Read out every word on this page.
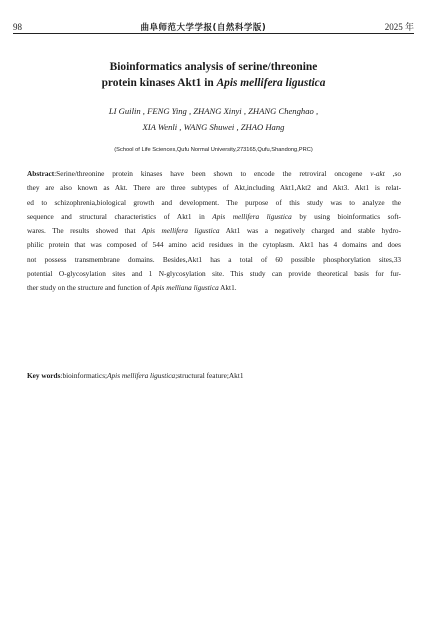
98	曲阜师范大学学报(自然科学版)	2025 年
Bioinformatics analysis of serine/threonine
protein kinases Akt1 in Apis mellifera ligustica
LI Guilin , FENG Ying , ZHANG Xinyi , ZHANG Chenghao ,
XIA Wenli , WANG Shuwei , ZHAO Hang
(School of Life Sciences,Qufu Normal University,273165,Qufu,Shandong,PRC)
Abstract:Serine/threonine protein kinases have been shown to encode the retroviral oncogene v-akt ,so
they are also known as Akt. There are three subtypes of Akt,including Akt1,Akt2 and Akt3. Akt1 is relat-
ed to schizophrenia,biological growth and development. The purpose of this study was to analyze the
sequence and structural characteristics of Akt1 in Apis mellifera ligustica by using bioinformatics soft-
wares. The results showed that Apis mellifera ligustica Akt1 was a negatively charged and stable hydro-
philic protein that was composed of 544 amino acid residues in the cytoplasm. Akt1 has 4 domains and does
not possess transmembrane domains. Besides,Akt1 has a total of 60 possible phosphorylation sites,33
potential O-glycosylation sites and 1 N-glycosylation site. This study can provide theoretical basis for fur-
ther study on the structure and function of Apis melliana ligustica Akt1.
Key words:bioinformatics;Apis mellifera ligustica;structural feature;Akt1
